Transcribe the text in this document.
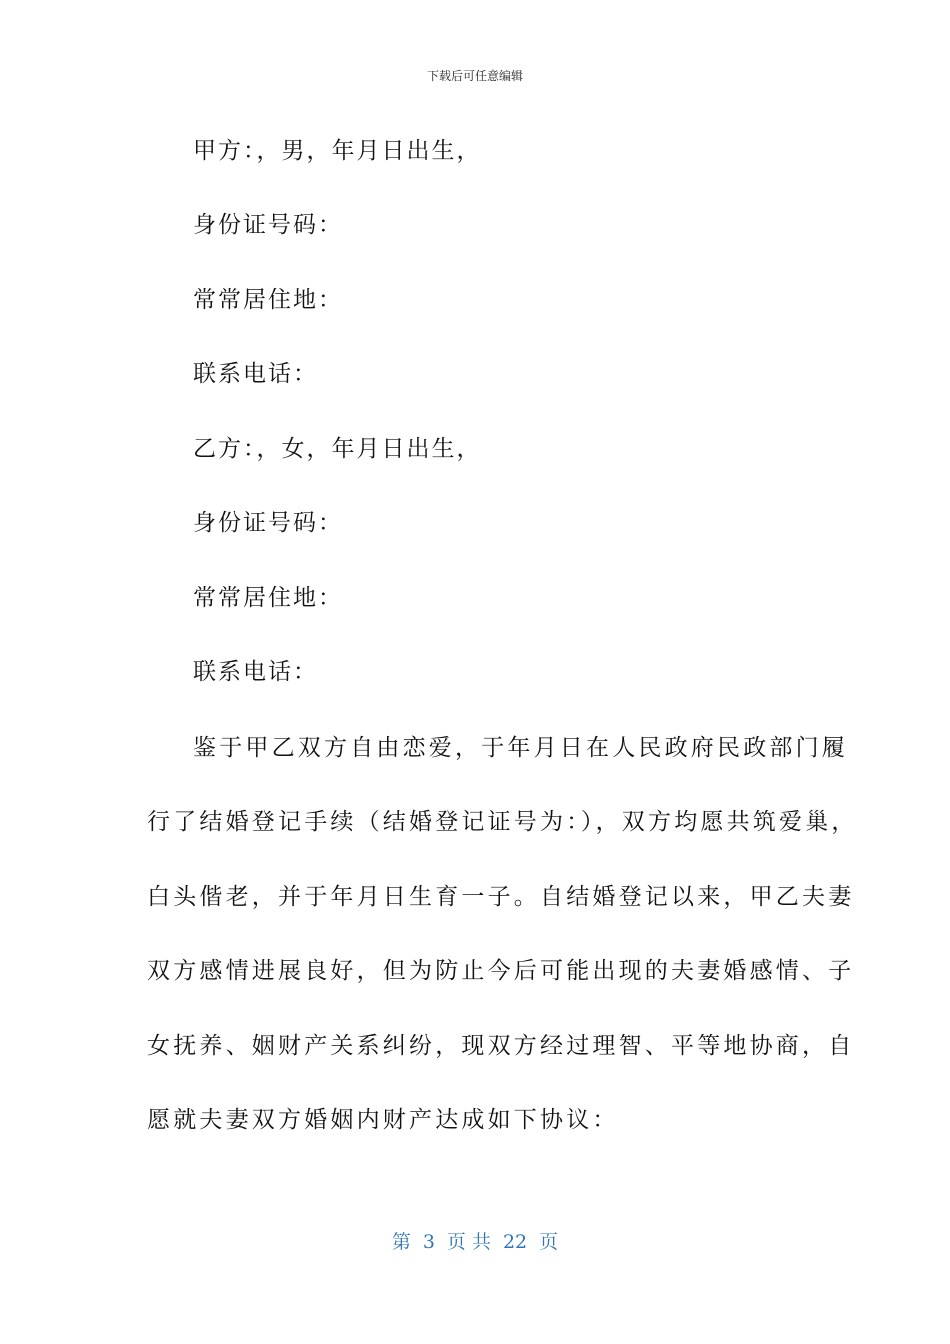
下载后可任意编辑
甲方：，男，年月日出生，
身份证号码：
常常居住地：
联系电话：
乙方：，女，年月日出生，
身份证号码：
常常居住地：
联系电话：
鉴于甲乙双方自由恋爱，于年月日在人民政府民政部门履
行了结婚登记手续（结婚登记证号为：），双方均愿共筑爱巢，
白头偕老，并于年月日生育一子。自结婚登记以来，甲乙夫妻
双方感情进展良好，但为防止今后可能出现的夫妻婚感情、子
女抚养、姻财产关系纠纷，现双方经过理智、平等地协商，自
愿就夫妻双方婚姻内财产达成如下协议：
第 3 页 共 22 页
